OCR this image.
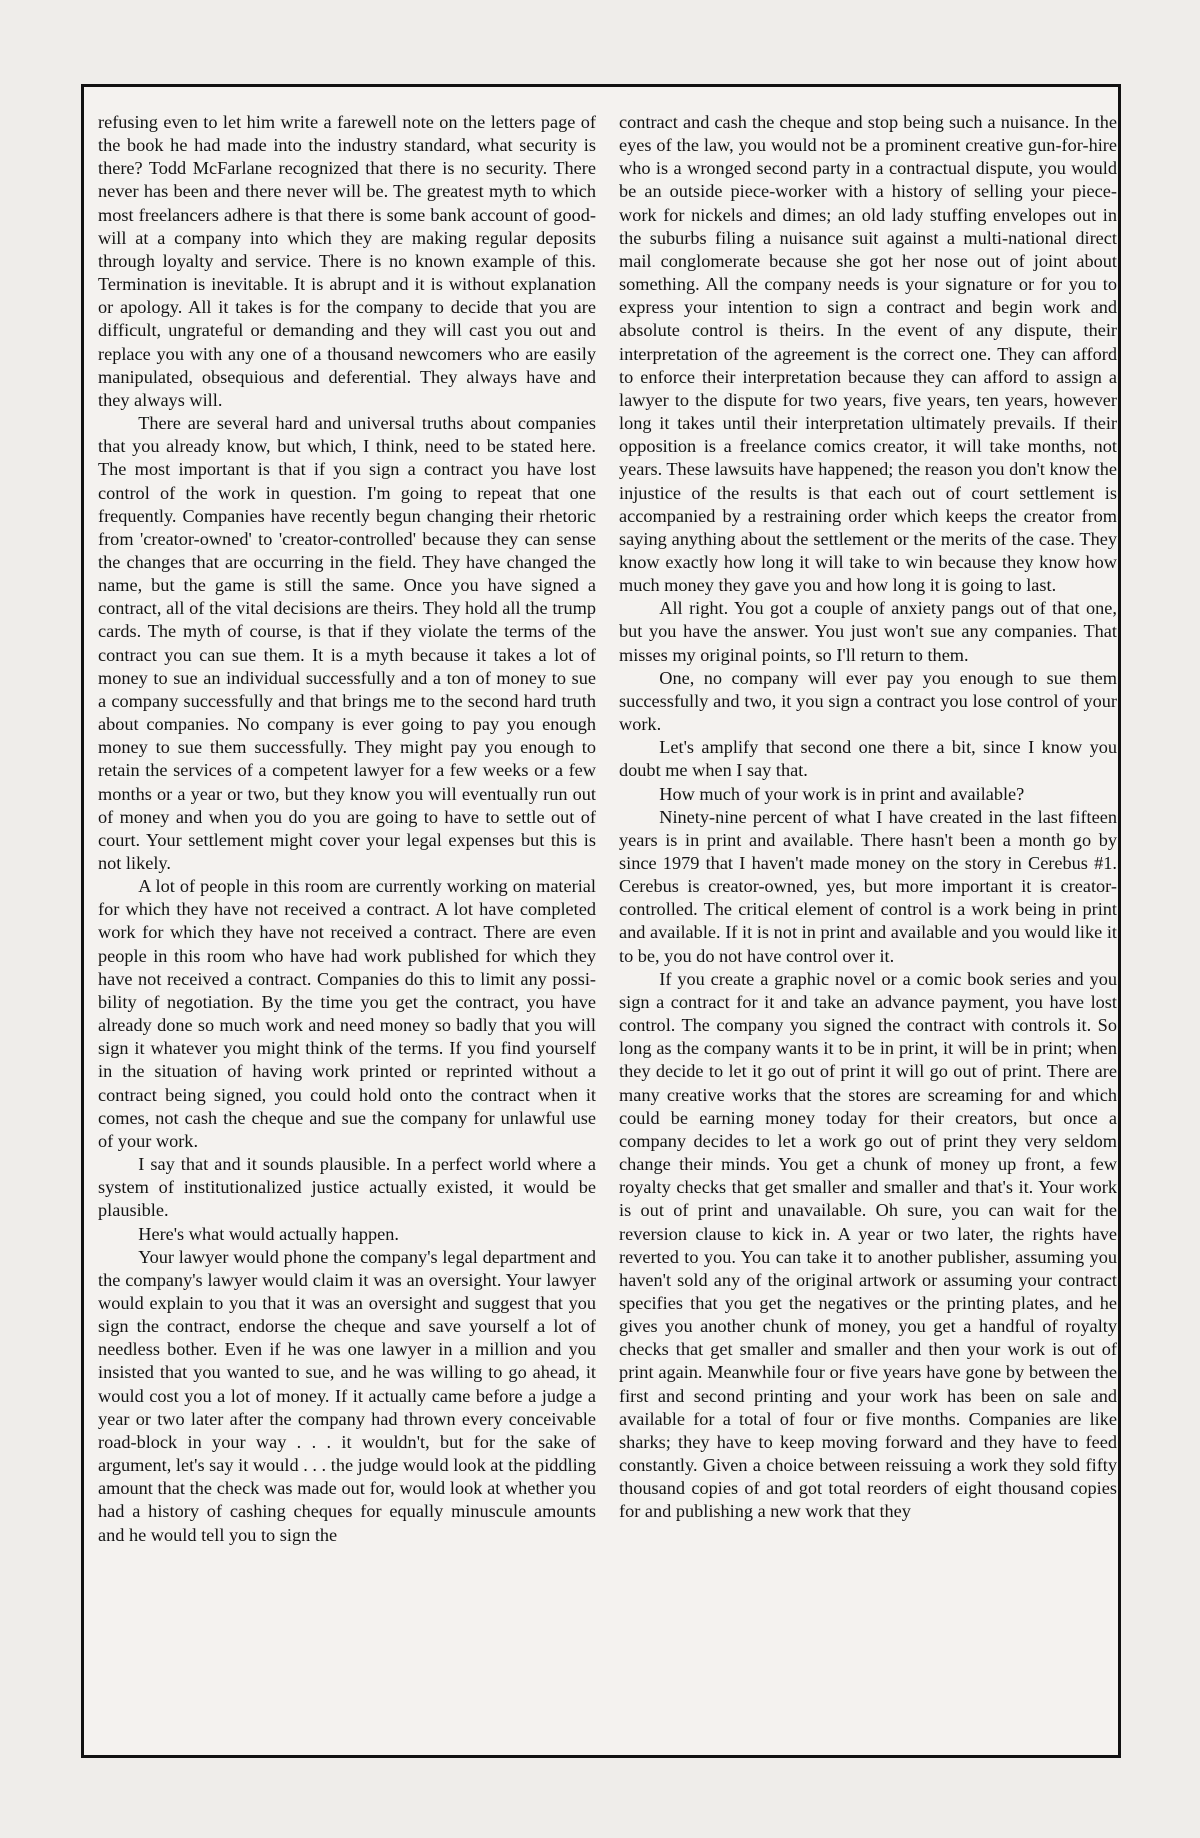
refusing even to let him write a farewell note on the letters page of the book he had made into the industry standard, what security is there? Todd McFarlane recognized that there is no security. There never has been and there never will be. The greatest myth to which most freelancers adhere is that there is some bank account of good-will at a company into which they are making regular deposits through loyalty and service. There is no known example of this. Termination is inevitable. It is abrupt and it is without explanation or apology. All it takes is for the company to decide that you are difficult, ungrateful or demanding and they will cast you out and replace you with any one of a thousand newcomers who are easily manipulated, obsequious and deferential. They always have and they always will.

There are several hard and universal truths about companies that you already know, but which, I think, need to be stated here. The most important is that if you sign a contract you have lost control of the work in question. I'm going to repeat that one frequently. Companies have recently begun changing their rhetoric from 'creator-owned' to 'creator-controlled' because they can sense the changes that are occurring in the field. They have changed the name, but the game is still the same. Once you have signed a contract, all of the vital decisions are theirs. They hold all the trump cards. The myth of course, is that if they violate the terms of the contract you can sue them. It is a myth because it takes a lot of money to sue an individual successfully and a ton of money to sue a company successfully and that brings me to the second hard truth about companies. No company is ever going to pay you enough money to sue them successfully. They might pay you enough to retain the services of a competent lawyer for a few weeks or a few months or a year or two, but they know you will eventually run out of money and when you do you are going to have to settle out of court. Your settlement might cover your legal expenses but this is not likely.

A lot of people in this room are currently working on material for which they have not received a contract. A lot have completed work for which they have not received a contract. There are even people in this room who have had work published for which they have not received a contract. Companies do this to limit any possibility of negotiation. By the time you get the contract, you have already done so much work and need money so badly that you will sign it whatever you might think of the terms. If you find yourself in the situation of having work printed or reprinted without a contract being signed, you could hold onto the contract when it comes, not cash the cheque and sue the company for unlawful use of your work.

I say that and it sounds plausible. In a perfect world where a system of institutionalized justice actually existed, it would be plausible.

Here's what would actually happen.

Your lawyer would phone the company's legal department and the company's lawyer would claim it was an oversight. Your lawyer would explain to you that it was an oversight and suggest that you sign the contract, endorse the cheque and save yourself a lot of needless bother. Even if he was one lawyer in a million and you insisted that you wanted to sue, and he was willing to go ahead, it would cost you a lot of money. If it actually came before a judge a year or two later after the company had thrown every conceivable road-block in your way . . . it wouldn't, but for the sake of argument, let's say it would . . . the judge would look at the piddling amount that the check was made out for, would look at whether you had a history of cashing cheques for equally minuscule amounts and he would tell you to sign the

contract and cash the cheque and stop being such a nuisance. In the eyes of the law, you would not be a prominent creative gun-for-hire who is a wronged second party in a contractual dispute, you would be an outside piece-worker with a history of selling your piece-work for nickels and dimes; an old lady stuffing envelopes out in the suburbs filing a nuisance suit against a multi-national direct mail conglomerate because she got her nose out of joint about something. All the company needs is your signature or for you to express your intention to sign a contract and begin work and absolute control is theirs. In the event of any dispute, their interpretation of the agreement is the correct one. They can afford to enforce their interpretation because they can afford to assign a lawyer to the dispute for two years, five years, ten years, however long it takes until their interpretation ultimately prevails. If their opposition is a freelance comics creator, it will take months, not years. These lawsuits have happened; the reason you don't know the injustice of the results is that each out of court settlement is accompanied by a restraining order which keeps the creator from saying anything about the settlement or the merits of the case. They know exactly how long it will take to win because they know how much money they gave you and how long it is going to last.

All right. You got a couple of anxiety pangs out of that one, but you have the answer. You just won't sue any companies. That misses my original points, so I'll return to them.

One, no company will ever pay you enough to sue them successfully and two, it you sign a contract you lose control of your work.

Let's amplify that second one there a bit, since I know you doubt me when I say that.

How much of your work is in print and available?

Ninety-nine percent of what I have created in the last fifteen years is in print and available. There hasn't been a month go by since 1979 that I haven't made money on the story in Cerebus #1. Cerebus is creator-owned, yes, but more important it is creator-controlled. The critical element of control is a work being in print and available. If it is not in print and available and you would like it to be, you do not have control over it.

If you create a graphic novel or a comic book series and you sign a contract for it and take an advance payment, you have lost control. The company you signed the contract with controls it. So long as the company wants it to be in print, it will be in print; when they decide to let it go out of print it will go out of print. There are many creative works that the stores are screaming for and which could be earning money today for their creators, but once a company decides to let a work go out of print they very seldom change their minds. You get a chunk of money up front, a few royalty checks that get smaller and smaller and that's it. Your work is out of print and unavailable. Oh sure, you can wait for the reversion clause to kick in. A year or two later, the rights have reverted to you. You can take it to another publisher, assuming you haven't sold any of the original artwork or assuming your contract specifies that you get the negatives or the printing plates, and he gives you another chunk of money, you get a handful of royalty checks that get smaller and smaller and then your work is out of print again. Meanwhile four or five years have gone by between the first and second printing and your work has been on sale and available for a total of four or five months. Companies are like sharks; they have to keep moving forward and they have to feed constantly. Given a choice between reissuing a work they sold fifty thousand copies of and got total reorders of eight thousand copies for and publishing a new work that they
